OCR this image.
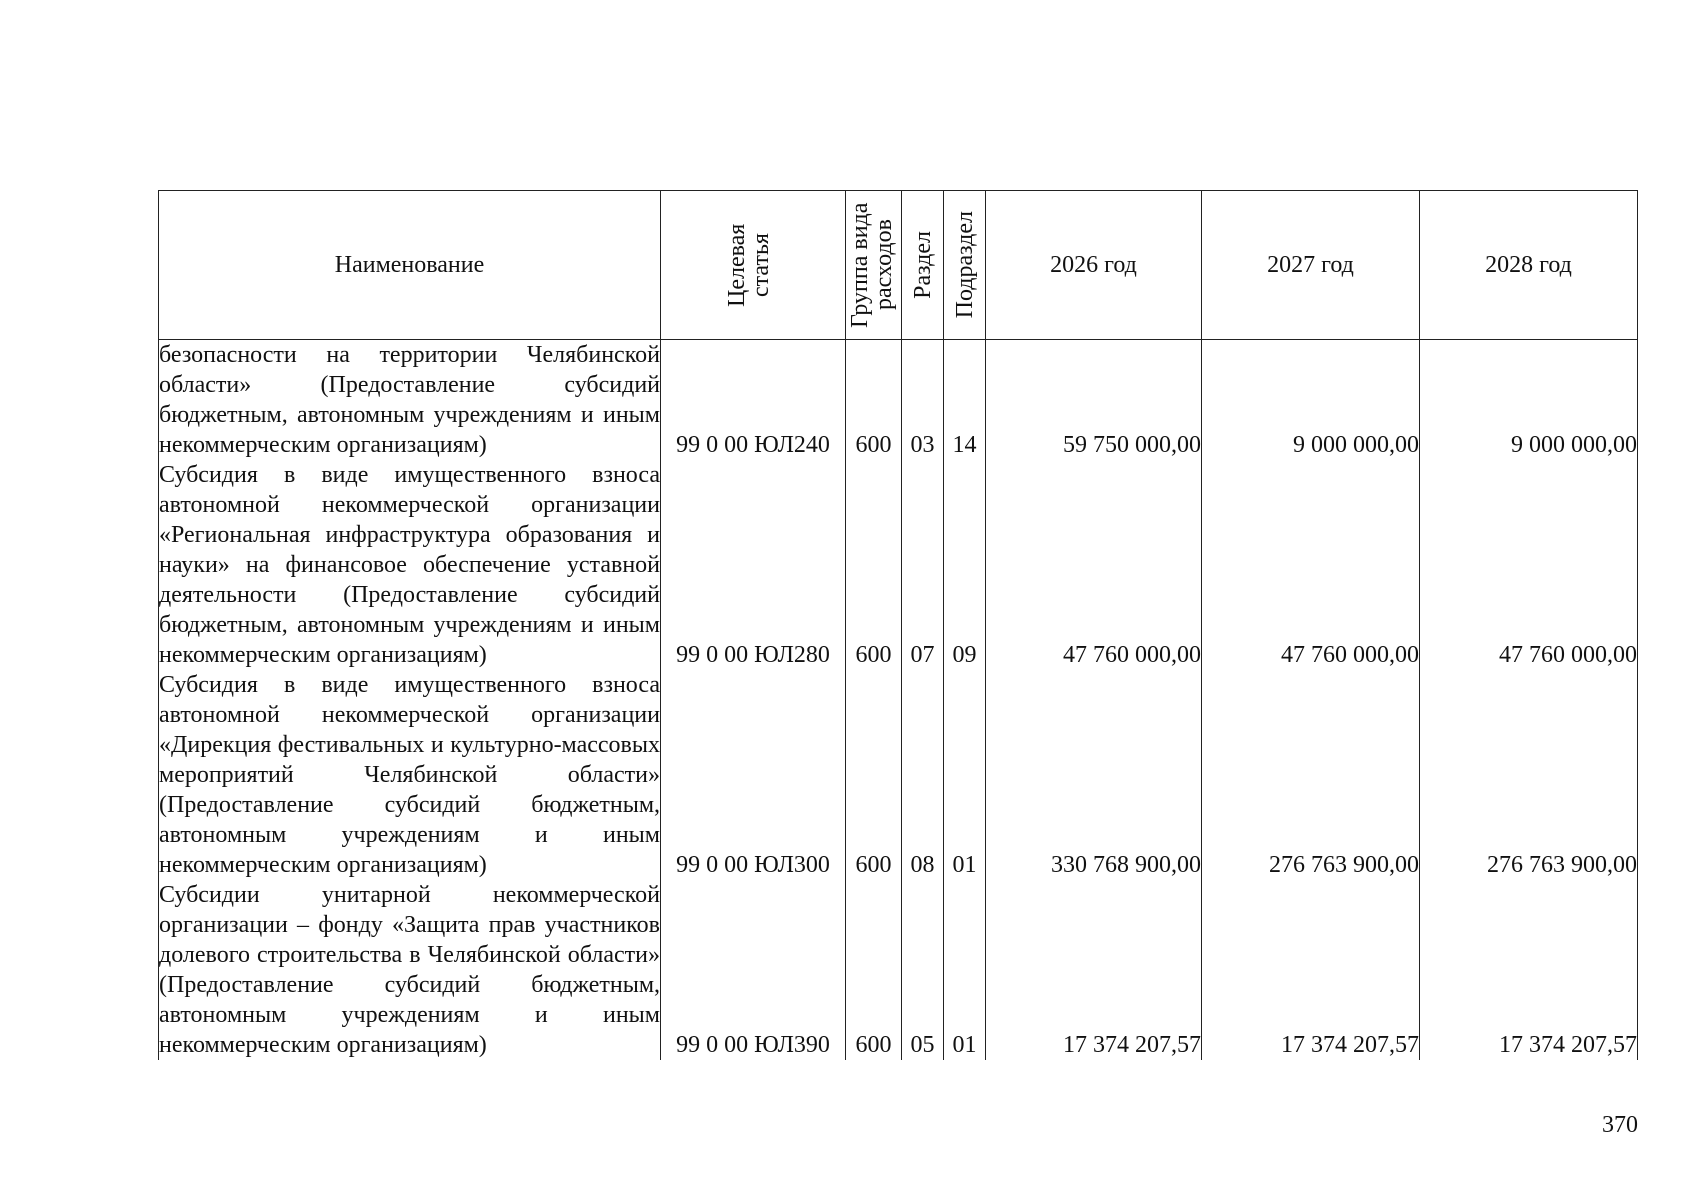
Наименование	Целевая статья	Группа вида расходов	Раздел	Подраздел	2026 год	2027 год	2028 год
безопасности на территории Челябинской области» (Предоставление субсидий бюджетным, автономным учреждениям и иным некоммерческим организациям)	99 0 00 ЮЛ240	600	03	14	59 750 000,00	9 000 000,00	9 000 000,00
Субсидия в виде имущественного взноса автономной некоммерческой организации «Региональная инфраструктура образования и науки» на финансовое обеспечение уставной деятельности (Предоставление субсидий бюджетным, автономным учреждениям и иным некоммерческим организациям)	99 0 00 ЮЛ280	600	07	09	47 760 000,00	47 760 000,00	47 760 000,00
Субсидия в виде имущественного взноса автономной некоммерческой организации «Дирекция фестивальных и культурно-массовых мероприятий Челябинской области» (Предоставление субсидий бюджетным, автономным учреждениям и иным некоммерческим организациям)	99 0 00 ЮЛ300	600	08	01	330 768 900,00	276 763 900,00	276 763 900,00
Субсидии унитарной некоммерческой организации – фонду «Защита прав участников долевого строительства в Челябинской области» (Предоставление субсидий бюджетным, автономным учреждениям и иным некоммерческим организациям)	99 0 00 ЮЛ390	600	05	01	17 374 207,57	17 374 207,57	17 374 207,57
370
